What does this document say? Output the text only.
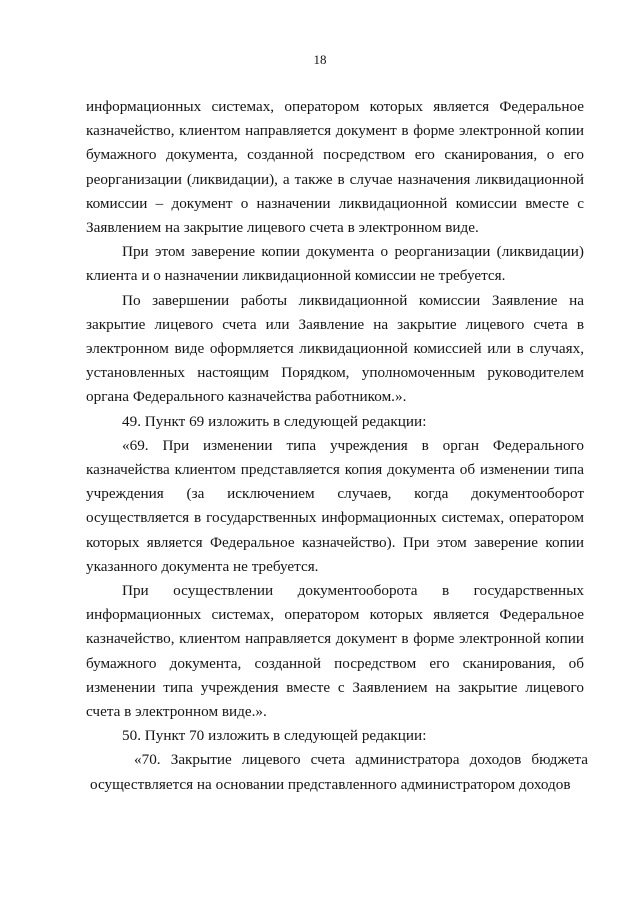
18

информационных системах, оператором которых является Федеральное казначейство, клиентом направляется документ в форме электронной копии бумажного документа, созданной посредством его сканирования, о его реорганизации (ликвидации), а также в случае назначения ликвидационной комиссии – документ о назначении ликвидационной комиссии вместе с Заявлением на закрытие лицевого счета в электронном виде.

При этом заверение копии документа о реорганизации (ликвидации) клиента и о назначении ликвидационной комиссии не требуется.

По завершении работы ликвидационной комиссии Заявление на закрытие лицевого счета или Заявление на закрытие лицевого счета в электронном виде оформляется ликвидационной комиссией или в случаях, установленных настоящим Порядком, уполномоченным руководителем органа Федерального казначейства работником.».

49. Пункт 69 изложить в следующей редакции:

«69. При изменении типа учреждения в орган Федерального казначейства клиентом представляется копия документа об изменении типа учреждения (за исключением случаев, когда документооборот осуществляется в государственных информационных системах, оператором которых является Федеральное казначейство). При этом заверение копии указанного документа не требуется.

При осуществлении документооборота в государственных информационных системах, оператором которых является Федеральное казначейство, клиентом направляется документ в форме электронной копии бумажного документа, созданной посредством его сканирования, об изменении типа учреждения вместе с Заявлением на закрытие лицевого счета в электронном виде.».

50. Пункт 70 изложить в следующей редакции:

«70. Закрытие лицевого счета администратора доходов бюджета осуществляется на основании представленного администратором доходов
